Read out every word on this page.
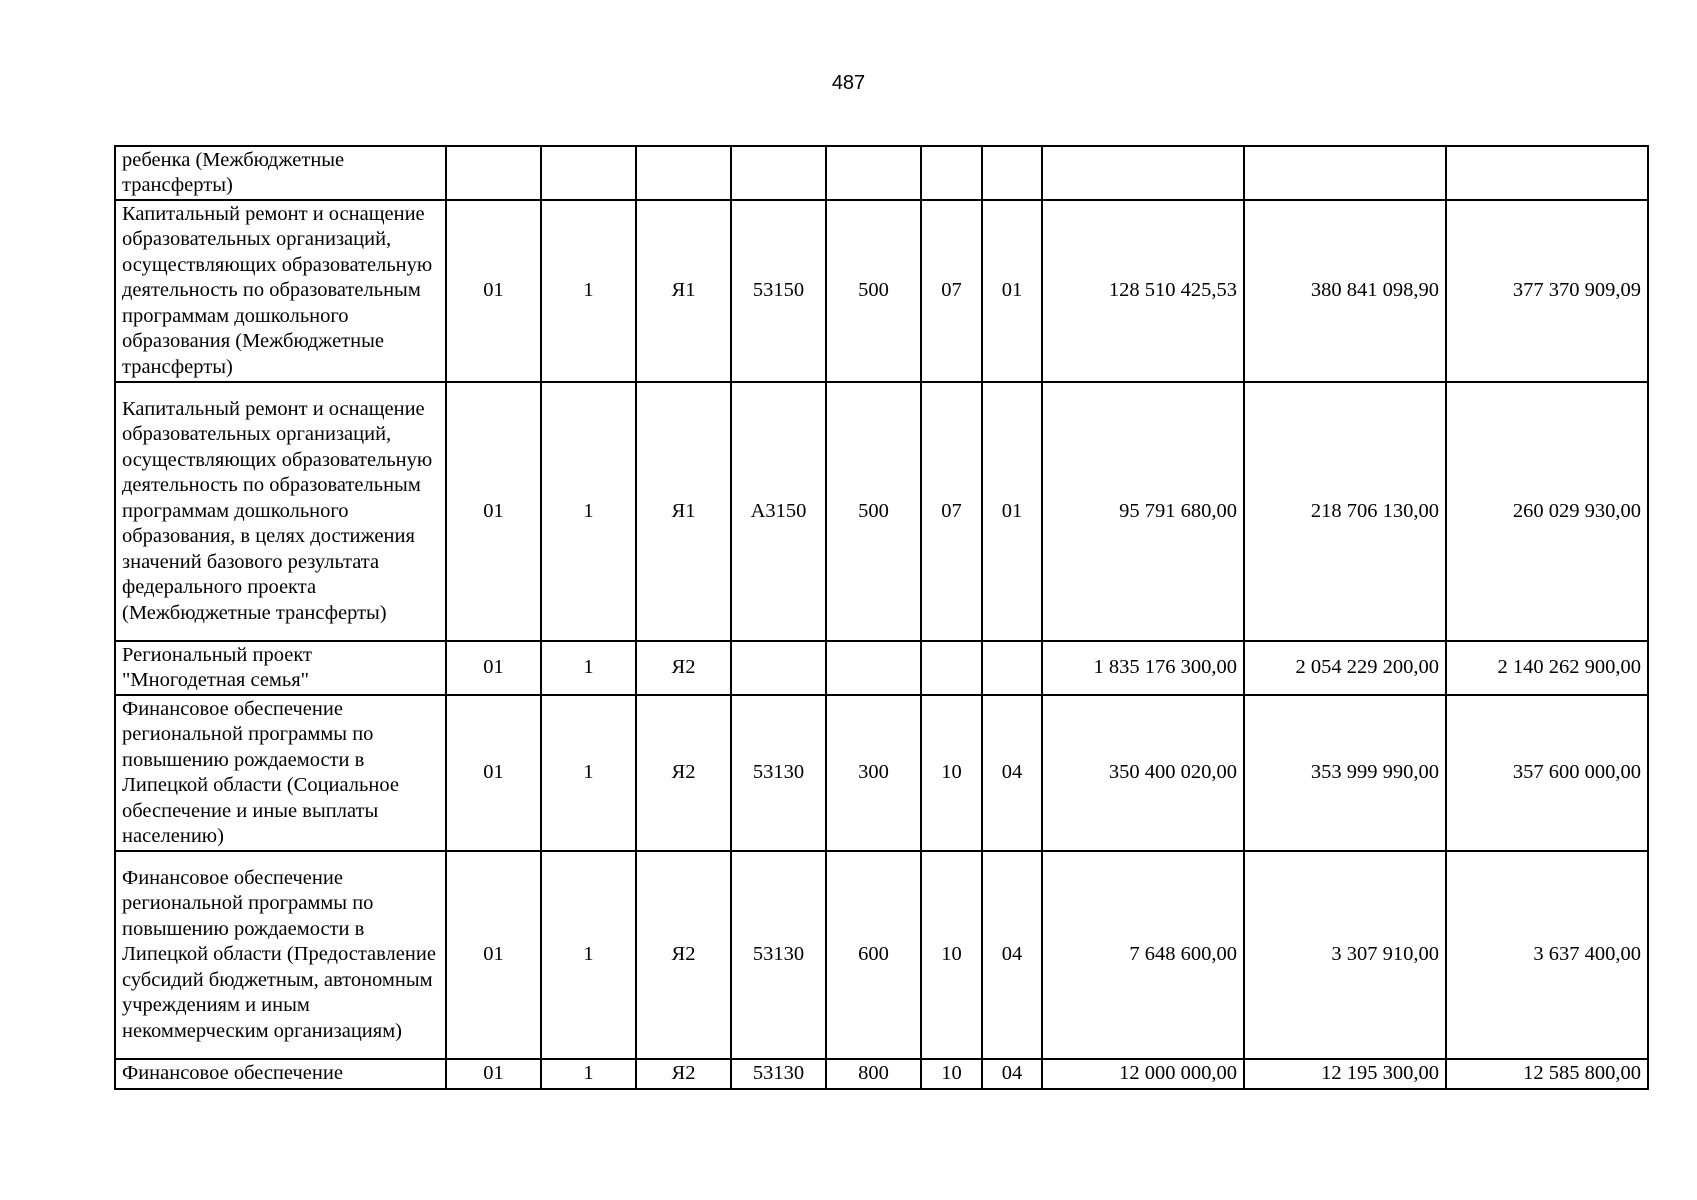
487
ребенка (Межбюджетные трансферты)										
Капитальный ремонт и оснащение образовательных организаций, осуществляющих образовательную деятельность по образовательным программам дошкольного образования (Межбюджетные трансферты)	01	1	Я1	53150	500	07	01	128 510 425,53	380 841 098,90	377 370 909,09
Капитальный ремонт и оснащение образовательных организаций, осуществляющих образовательную деятельность по образовательным программам дошкольного образования, в целях достижения значений базового результата федерального проекта (Межбюджетные трансферты)	01	1	Я1	А3150	500	07	01	95 791 680,00	218 706 130,00	260 029 930,00
Региональный проект "Многодетная семья"	01	1	Я2					1 835 176 300,00	2 054 229 200,00	2 140 262 900,00
Финансовое обеспечение региональной программы по повышению рождаемости в Липецкой области (Социальное обеспечение и иные выплаты населению)	01	1	Я2	53130	300	10	04	350 400 020,00	353 999 990,00	357 600 000,00
Финансовое обеспечение региональной программы по повышению рождаемости в Липецкой области (Предоставление субсидий бюджетным, автономным учреждениям и иным некоммерческим организациям)	01	1	Я2	53130	600	10	04	7 648 600,00	3 307 910,00	3 637 400,00
Финансовое обеспечение	01	1	Я2	53130	800	10	04	12 000 000,00	12 195 300,00	12 585 800,00
